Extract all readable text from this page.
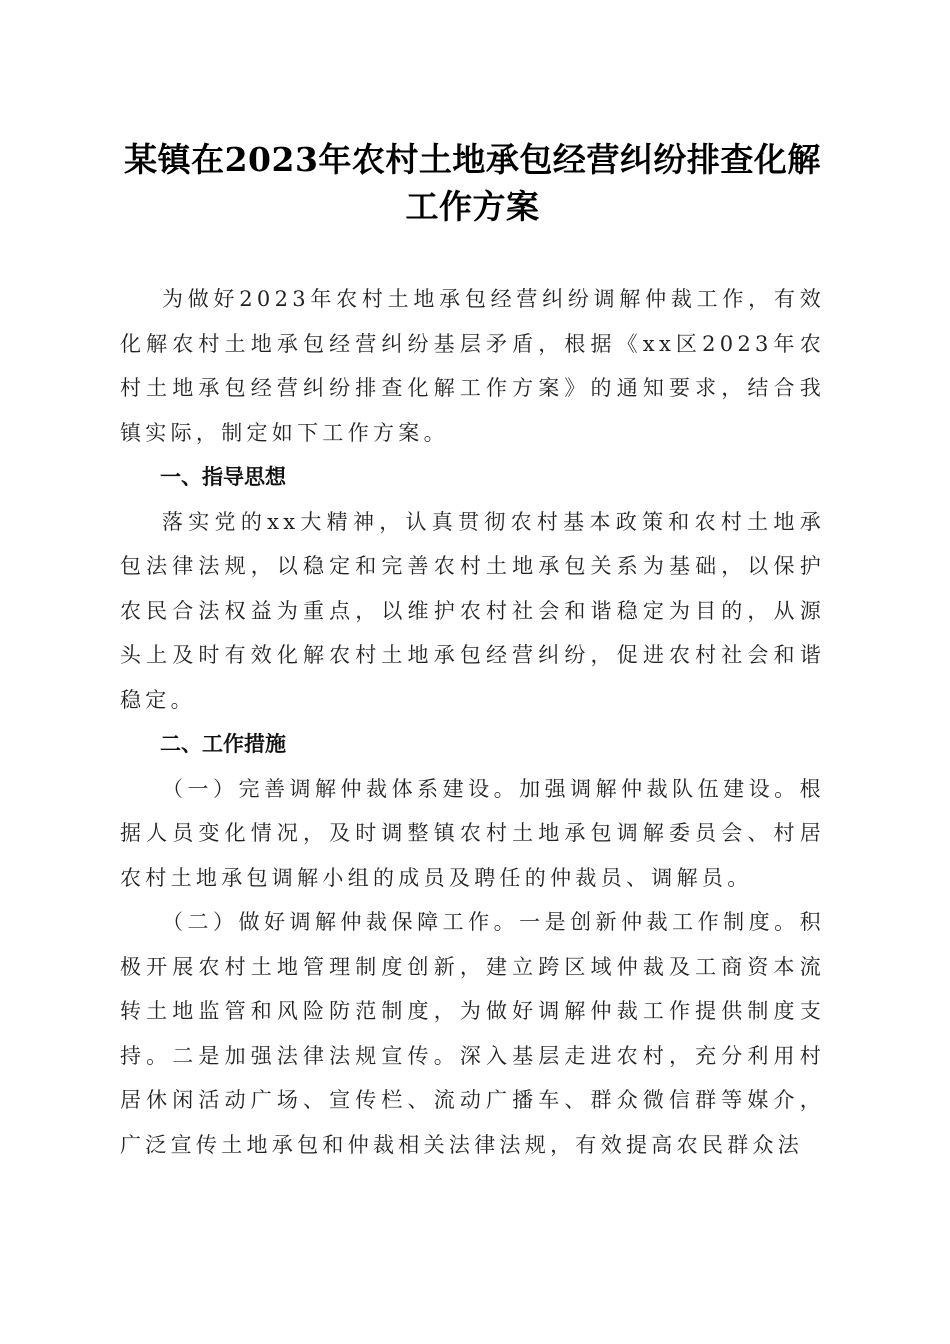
某镇在2023年农村土地承包经营纠纷排查化解工作方案

为做好2023年农村土地承包经营纠纷调解仲裁工作，有效化解农村土地承包经营纠纷基层矛盾，根据《xx区2023年农村土地承包经营纠纷排查化解工作方案》的通知要求，结合我镇实际，制定如下工作方案。

一、指导思想

落实党的xx大精神，认真贯彻农村基本政策和农村土地承包法律法规，以稳定和完善农村土地承包关系为基础，以保护农民合法权益为重点，以维护农村社会和谐稳定为目的，从源头上及时有效化解农村土地承包经营纠纷，促进农村社会和谐稳定。

二、工作措施

（一）完善调解仲裁体系建设。加强调解仲裁队伍建设。根据人员变化情况，及时调整镇农村土地承包调解委员会、村居农村土地承包调解小组的成员及聘任的仲裁员、调解员。

（二）做好调解仲裁保障工作。一是创新仲裁工作制度。积极开展农村土地管理制度创新，建立跨区域仲裁及工商资本流转土地监管和风险防范制度，为做好调解仲裁工作提供制度支持。二是加强法律法规宣传。深入基层走进农村，充分利用村居休闲活动广场、宣传栏、流动广播车、群众微信群等媒介，广泛宣传土地承包和仲裁相关法律法规，有效提高农民群众法
